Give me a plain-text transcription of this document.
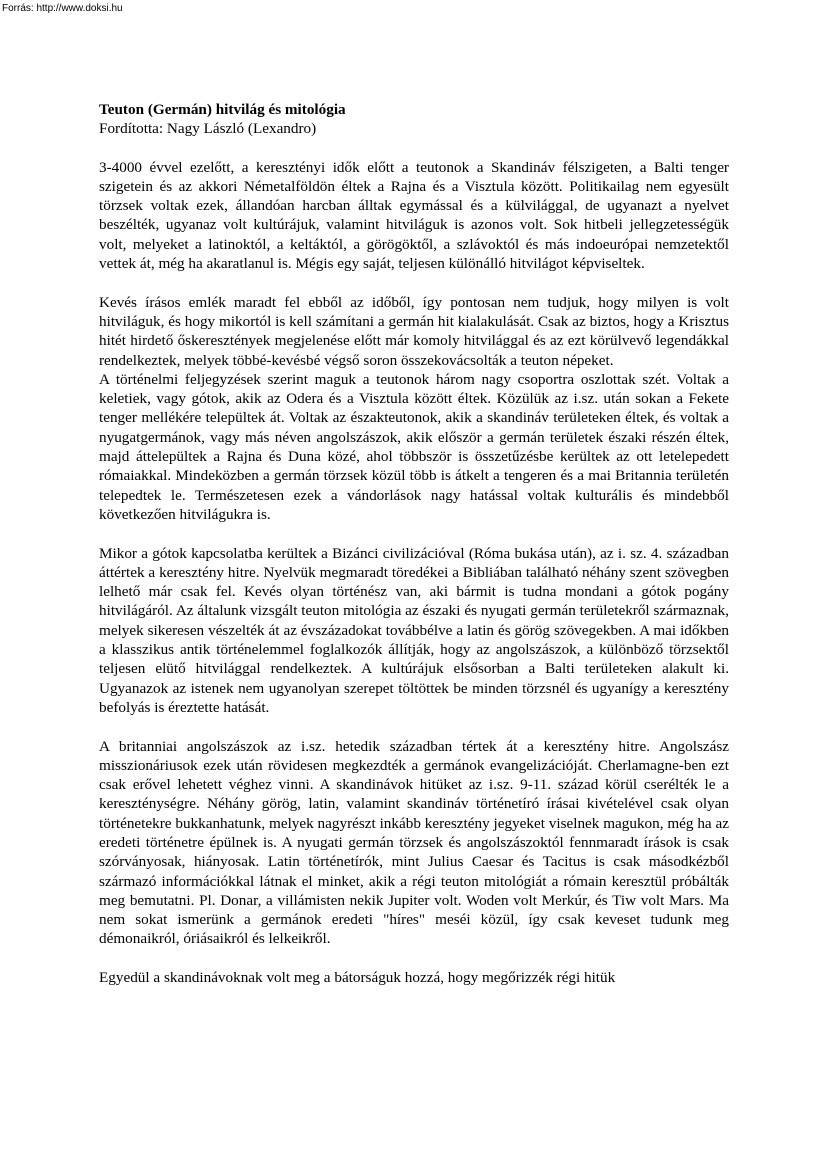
Forrás: http://www.doksi.hu

Teuton (Germán) hitvilág és mitológia

Fordította: Nagy László (Lexandro)

3-4000 évvel ezelőtt, a keresztényi idők előtt a teutonok a Skandináv félszigeten, a Balti tenger szigetein és az akkori Németalföldön éltek a Rajna és a Visztula között. Politikailag nem egyesült törzsek voltak ezek, állandóan harcban álltak egymással és a külvilággal, de ugyanazt a nyelvet beszélték, ugyanaz volt kultúrájuk, valamint hitviláguk is azonos volt. Sok hitbeli jellegzetességük volt, melyeket a latinoktól, a keltáktól, a görögöktől, a szlávoktól és más indoeurópai nemzetektől vettek át, még ha akaratlanul is. Mégis egy saját, teljesen különálló hitvilágot képviseltek.

Kevés írásos emlék maradt fel ebből az időből, így pontosan nem tudjuk, hogy milyen is volt hitviláguk, és hogy mikortól is kell számítani a germán hit kialakulását. Csak az biztos, hogy a Krisztus hitét hirdető őskeresztények megjelenése előtt már komoly hitvilággal és az ezt körülvevő legendákkal rendelkeztek, melyek többé-kevésbé végső soron összekovácsolták a teuton népeket.

A történelmi feljegyzések szerint maguk a teutonok három nagy csoportra oszlottak szét. Voltak a keletiek, vagy gótok, akik az Odera és a Visztula között éltek. Közülük az i.sz. után sokan a Fekete tenger mellékére települtek át. Voltak az északteutonok, akik a skandináv területeken éltek, és voltak a nyugatgermánok, vagy más néven angolszászok, akik először a germán területek északi részén éltek, majd áttelepültek a Rajna és Duna közé, ahol többször is összetűzésbe kerültek az ott letelepedett rómaiakkal. Mindeközben a germán törzsek közül több is átkelt a tengeren és a mai Britannia területén telepedtek le. Természetesen ezek a vándorlások nagy hatással voltak kulturális és mindebből következően hitvilágukra is.

Mikor a gótok kapcsolatba kerültek a Bizánci civilizációval (Róma bukása után), az i. sz. 4. században áttértek a keresztény hitre. Nyelvük megmaradt töredékei a Bibliában található néhány szent szövegben lelhető már csak fel. Kevés olyan történész van, aki bármit is tudna mondani a gótok pogány hitvilágáról. Az általunk vizsgált teuton mitológia az északi és nyugati germán területekről származnak, melyek sikeresen vészelték át az évszázadokat továbbélve a latin és görög szövegekben. A mai időkben a klasszikus antik történelemmel foglalkozók állítják, hogy az angolszászok, a különböző törzsektől teljesen elütő hitvilággal rendelkeztek. A kultúrájuk elsősorban a Balti területeken alakult ki. Ugyanazok az istenek nem ugyanolyan szerepet töltöttek be minden törzsnél és ugyanígy a keresztény befolyás is éreztette hatását.

A britanniai angolszászok az i.sz. hetedik században tértek át a keresztény hitre. Angolszász misszionáriusok ezek után rövidesen megkezdték a germánok evangelizációját. Cherlamagne-ben ezt csak erővel lehetett véghez vinni. A skandinávok hitüket az i.sz. 9-11. század körül cserélték le a kereszténységre. Néhány görög, latin, valamint skandináv történetíró írásai kivételével csak olyan történetekre bukkanhatunk, melyek nagyrészt inkább keresztény jegyeket viselnek magukon, még ha az eredeti történetre épülnek is. A nyugati germán törzsek és angolszászoktól fennmaradt írások is csak szórványosak, hiányosak. Latin történetírók, mint Julius Caesar és Tacitus is csak másodkézből származó információkkal látnak el minket, akik a régi teuton mitológiát a rómain keresztül próbálták meg bemutatni. Pl. Donar, a villámisten nekik Jupiter volt. Woden volt Merkúr, és Tiw volt Mars. Ma nem sokat ismerünk a germánok eredeti "híres" meséi közül, így csak keveset tudunk meg démonaikról, óriásaikról és lelkeikről.

Egyedül a skandinávoknak volt meg a bátorságuk hozzá, hogy megőrizzék régi hitük
